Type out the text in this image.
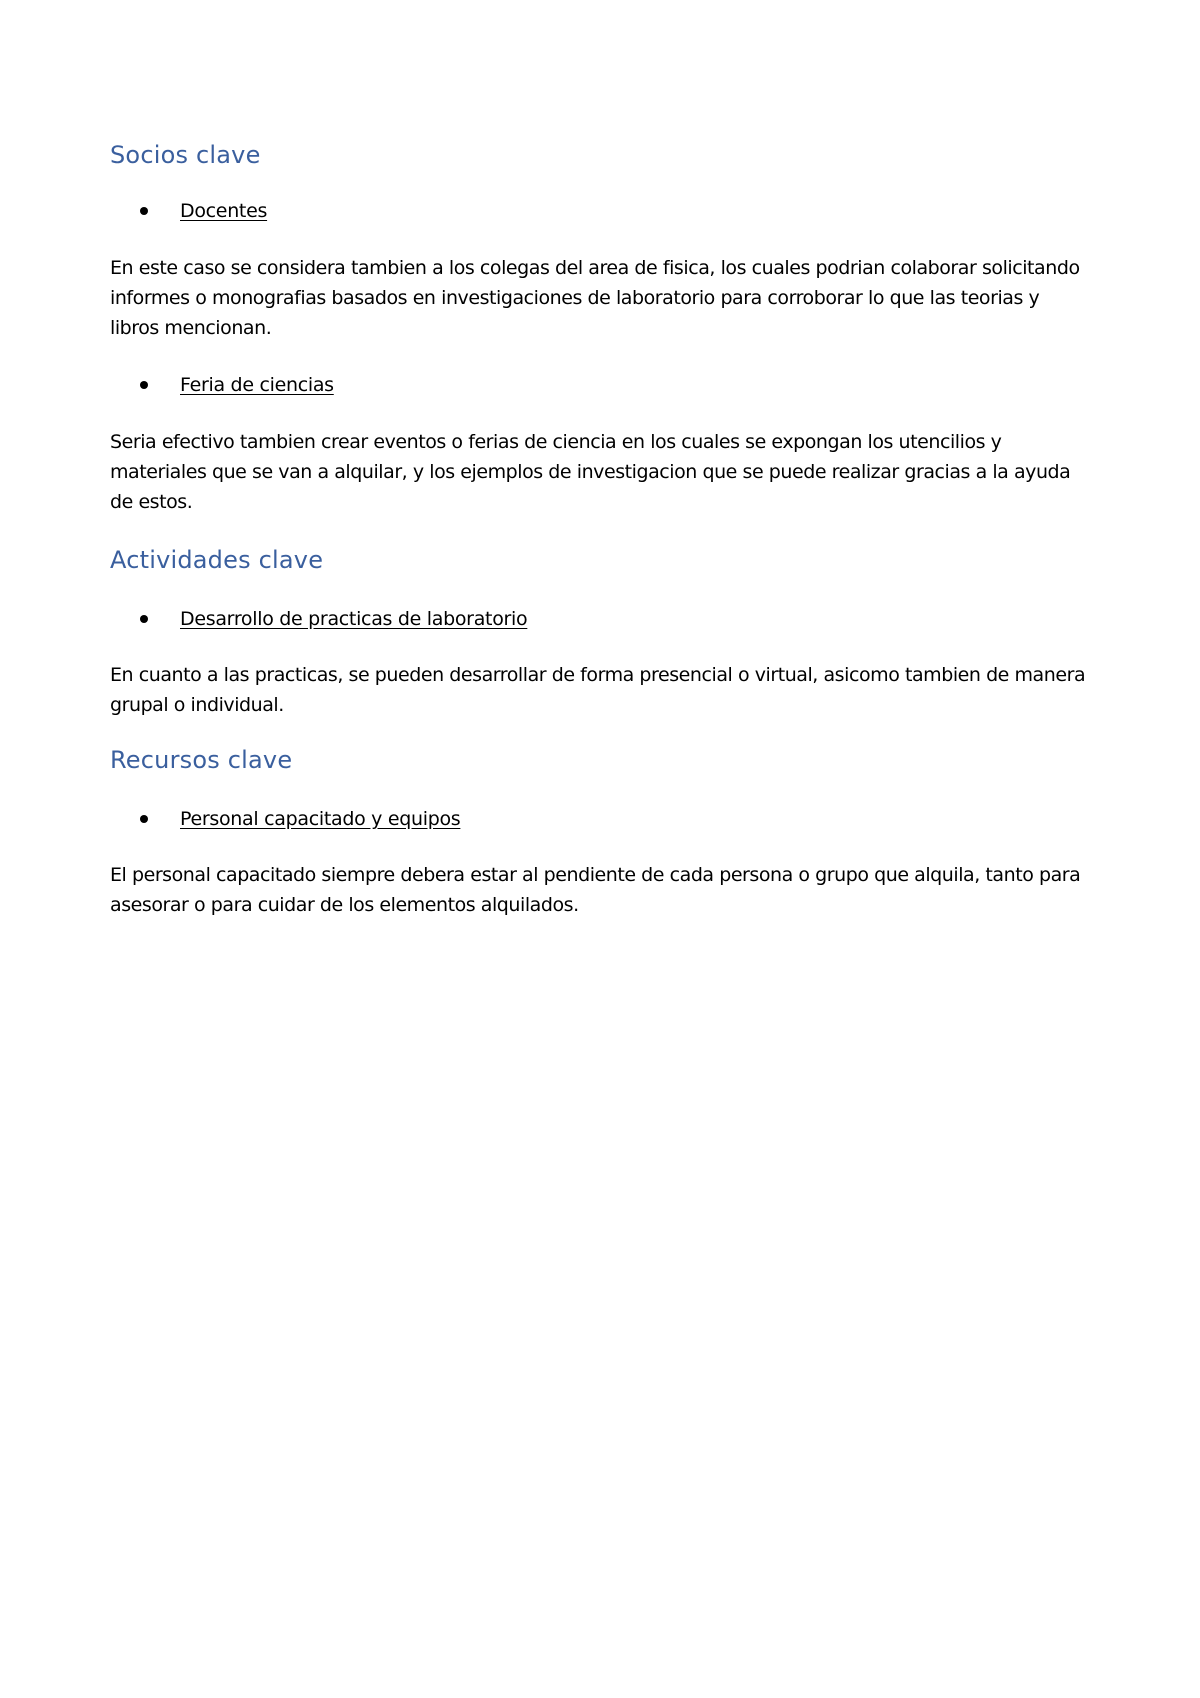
Socios clave
Docentes

En este caso se considera tambien a los colegas del area de fisica, los cuales podrian colaborar solicitando informes o monografias basados en investigaciones de laboratorio para corroborar lo que las teorias y libros mencionan.

Feria de ciencias

Seria efectivo tambien crear eventos o ferias de ciencia en los cuales se expongan los utencilios y materiales que se van a alquilar, y los ejemplos de investigacion que se puede realizar gracias a la ayuda de estos.

Actividades clave
Desarrollo de practicas de laboratorio

En cuanto a las practicas, se pueden desarrollar de forma presencial o virtual, asicomo tambien de manera grupal o individual.

Recursos clave
Personal capacitado y equipos

El personal capacitado siempre debera estar al pendiente de cada persona o grupo que alquila, tanto para asesorar o para cuidar de los elementos alquilados.
